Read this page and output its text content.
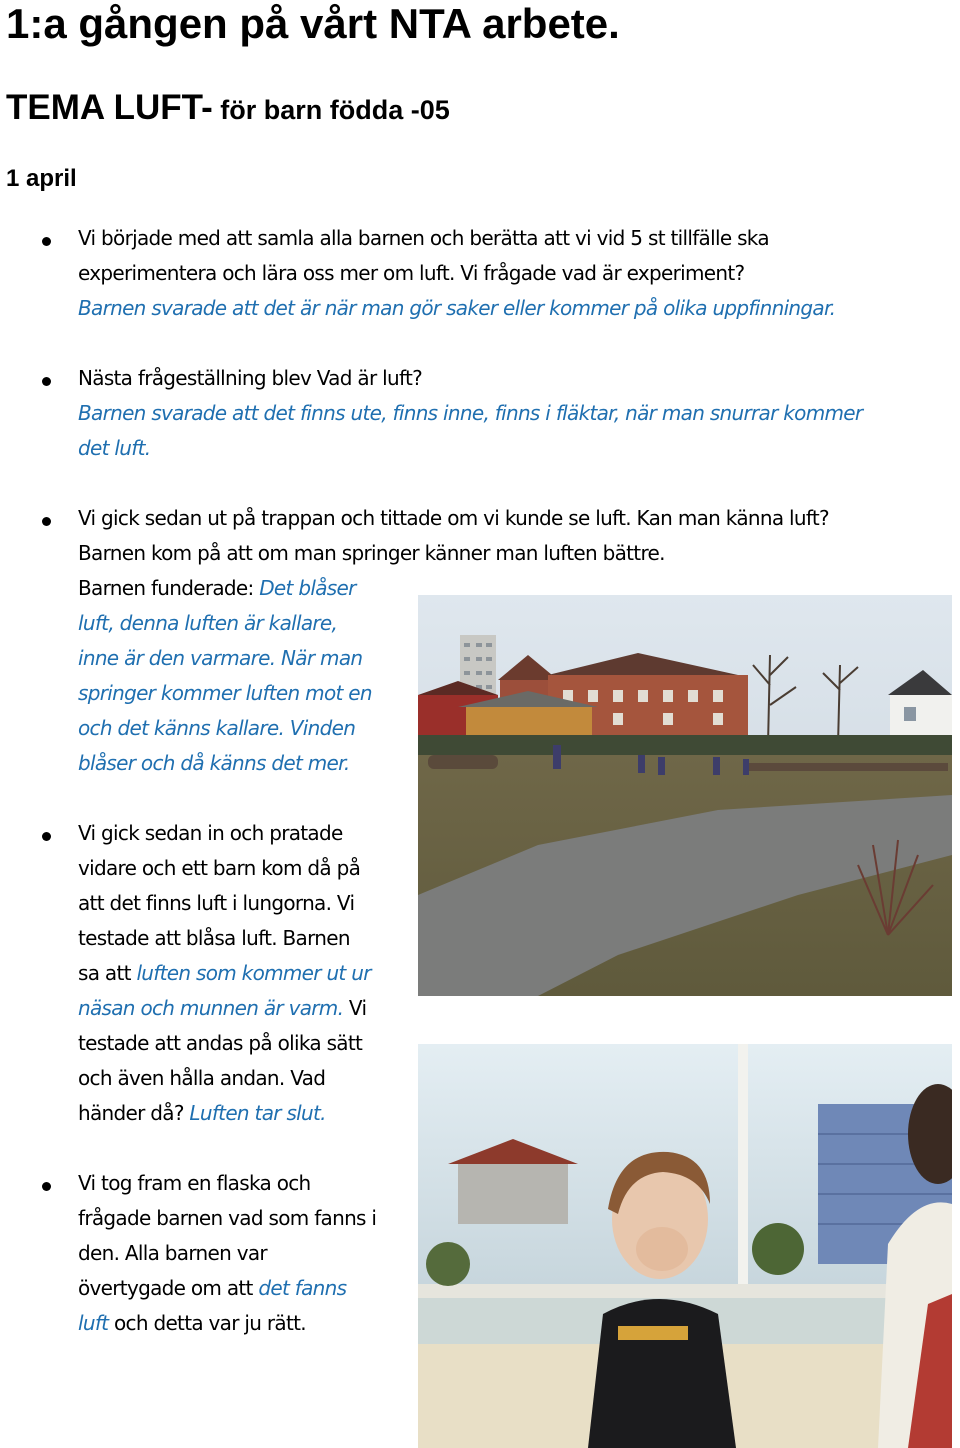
1:a gången på vårt NTA arbete.
TEMA LUFT- för barn födda -05
1 april

Vi började med att samla alla barnen och berätta att vi vid 5 st tillfälle ska

experimentera och lära oss mer om luft. Vi frågade vad är experiment?

Barnen svarade att det är när man gör saker eller kommer på olika uppfinningar.

Nästa frågeställning blev Vad är luft?

Barnen svarade att det finns ute, finns inne, finns i fläktar, när man snurrar kommer

det luft.

Vi gick sedan ut på trappan och tittade om vi kunde se luft. Kan man känna luft?

Barnen kom på att om man springer känner man luften bättre.

Barnen funderade: Det blåser

luft, denna luften är kallare,

inne är den varmare. När man

springer kommer luften mot en

och det känns kallare. Vinden

blåser och då känns det mer.

Vi gick sedan in och pratade

vidare och ett barn kom då på

att det finns luft i lungorna. Vi

testade att blåsa luft. Barnen

sa att luften som kommer ut ur

näsan och munnen är varm. Vi

testade att andas på olika sätt

och även hålla andan. Vad

händer då? Luften tar slut.

Vi tog fram en flaska och

frågade barnen vad som fanns i

den. Alla barnen var

övertygade om att det fanns

luft och detta var ju rätt.
